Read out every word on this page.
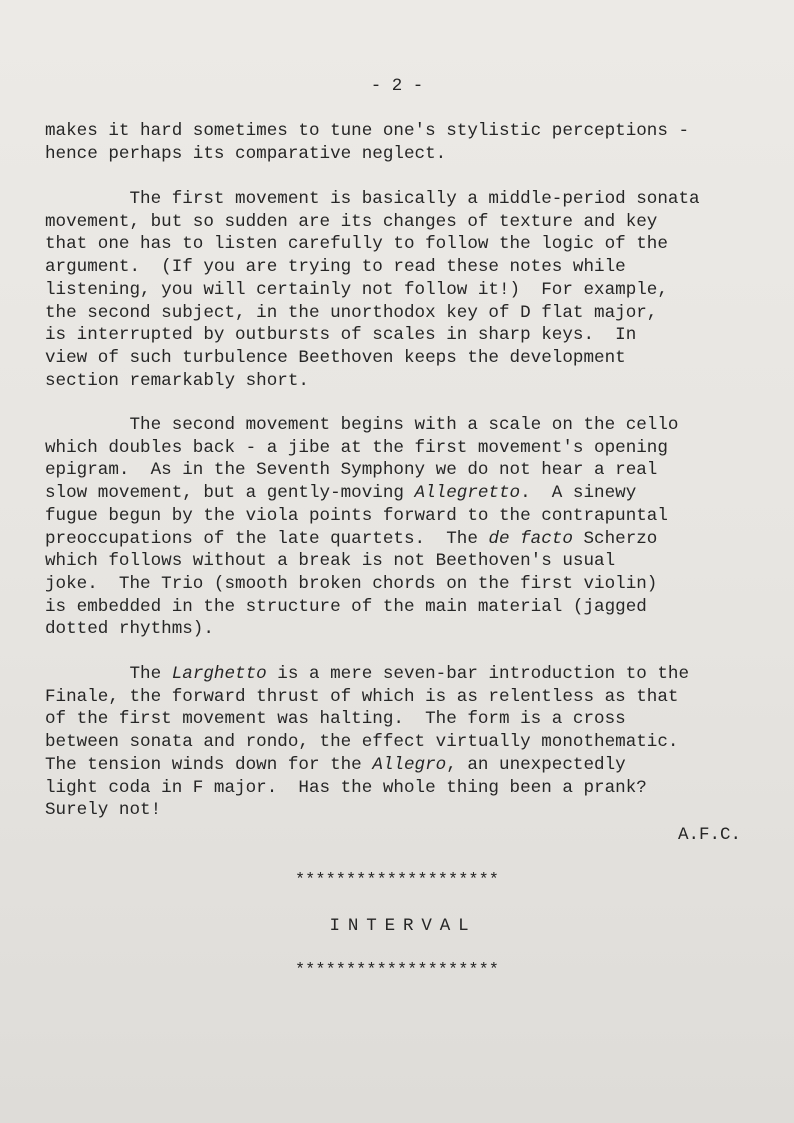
- 2 -
makes it hard sometimes to tune one's stylistic perceptions -
hence perhaps its comparative neglect.
The first movement is basically a middle-period sonata
movement, but so sudden are its changes of texture and key
that one has to listen carefully to follow the logic of the
argument.  (If you are trying to read these notes while
listening, you will certainly not follow it!)  For example,
the second subject, in the unorthodox key of D flat major,
is interrupted by outbursts of scales in sharp keys.  In
view of such turbulence Beethoven keeps the development
section remarkably short.
The second movement begins with a scale on the cello
which doubles back - a jibe at the first movement's opening
epigram.  As in the Seventh Symphony we do not hear a real
slow movement, but a gently-moving Allegretto.  A sinewy
fugue begun by the viola points forward to the contrapuntal
preoccupations of the late quartets.  The de facto Scherzo
which follows without a break is not Beethoven's usual
joke.  The Trio (smooth broken chords on the first violin)
is embedded in the structure of the main material (jagged
dotted rhythms).
The Larghetto is a mere seven-bar introduction to the
Finale, the forward thrust of which is as relentless as that
of the first movement was halting.  The form is a cross
between sonata and rondo, the effect virtually monothematic.
The tension winds down for the Allegro, an unexpectedly
light coda in F major.  Has the whole thing been a prank?
Surely not!
A.F.C.
********************
INTERVAL
********************
